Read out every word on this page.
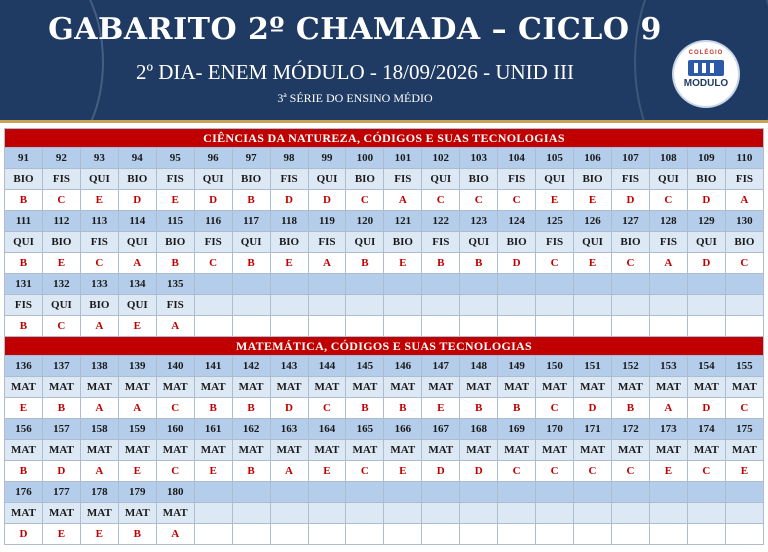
GABARITO 2º CHAMADA – CICLO 9
2º DIA- ENEM MÓDULO - 18/09/2026 - UNID III
3ª SÉRIE DO ENSINO MÉDIO
COLÉGIO
MODULO
CIÊNCIAS DA NATUREZA, CÓDIGOS E SUAS TECNOLOGIAS																			
91	92	93	94	95	96	97	98	99	100	101	102	103	104	105	106	107	108	109	110
BIO	FIS	QUI	BIO	FIS	QUI	BIO	FIS	QUI	BIO	FIS	QUI	BIO	FIS	QUI	BIO	FIS	QUI	BIO	FIS
B	C	E	D	E	D	B	D	D	C	A	C	C	C	E	E	D	C	D	A
111	112	113	114	115	116	117	118	119	120	121	122	123	124	125	126	127	128	129	130
QUI	BIO	FIS	QUI	BIO	FIS	QUI	BIO	FIS	QUI	BIO	FIS	QUI	BIO	FIS	QUI	BIO	FIS	QUI	BIO
B	E	C	A	B	C	B	E	A	B	E	B	B	D	C	E	C	A	D	C
131	132	133	134	135															
FIS	QUI	BIO	QUI	FIS															
B	C	A	E	A															
MATEMÁTICA, CÓDIGOS E SUAS TECNOLOGIAS																			
136	137	138	139	140	141	142	143	144	145	146	147	148	149	150	151	152	153	154	155
MAT	MAT	MAT	MAT	MAT	MAT	MAT	MAT	MAT	MAT	MAT	MAT	MAT	MAT	MAT	MAT	MAT	MAT	MAT	MAT
E	B	A	A	C	B	B	D	C	B	B	E	B	B	C	D	B	A	D	C
156	157	158	159	160	161	162	163	164	165	166	167	168	169	170	171	172	173	174	175
MAT	MAT	MAT	MAT	MAT	MAT	MAT	MAT	MAT	MAT	MAT	MAT	MAT	MAT	MAT	MAT	MAT	MAT	MAT	MAT
B	D	A	E	C	E	B	A	E	C	E	D	D	C	C	C	C	E	C	E
176	177	178	179	180															
MAT	MAT	MAT	MAT	MAT															
D	E	E	B	A															
